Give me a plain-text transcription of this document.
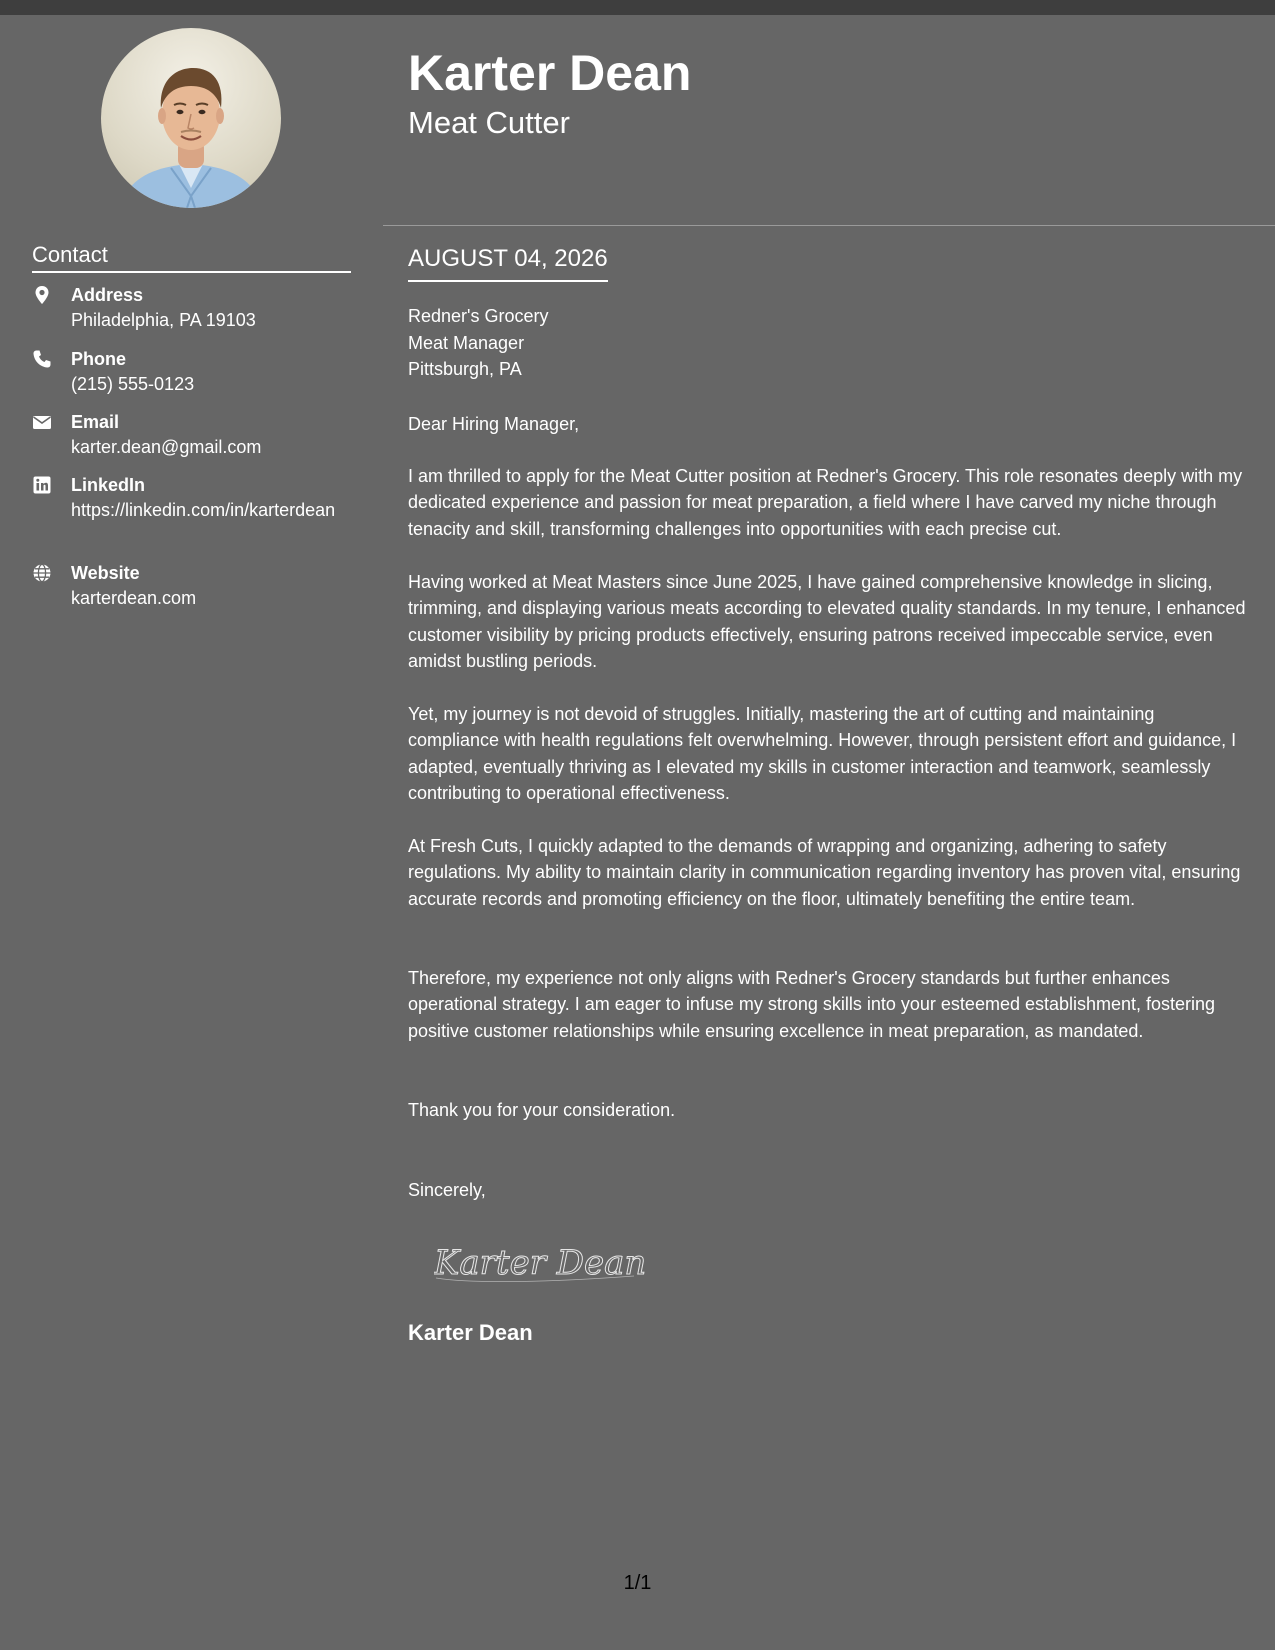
Contact
Address
Philadelphia, PA 19103
Phone
(215) 555-0123
Email
karter.dean@gmail.com
LinkedIn
https://linkedin.com/in/karterdean
Website
karterdean.com
Karter Dean
Meat Cutter
AUGUST 04, 2026
Redner's Grocery
Meat Manager
Pittsburgh, PA
Dear Hiring Manager,
I am thrilled to apply for the Meat Cutter position at Redner's Grocery. This role resonates deeply with my dedicated experience and passion for meat preparation, a field where I have carved my niche through tenacity and skill, transforming challenges into opportunities with each precise cut.
Having worked at Meat Masters since June 2025, I have gained comprehensive knowledge in slicing, trimming, and displaying various meats according to elevated quality standards. In my tenure, I enhanced customer visibility by pricing products effectively, ensuring patrons received impeccable service, even amidst bustling periods.
Yet, my journey is not devoid of struggles. Initially, mastering the art of cutting and maintaining compliance with health regulations felt overwhelming. However, through persistent effort and guidance, I adapted, eventually thriving as I elevated my skills in customer interaction and teamwork, seamlessly contributing to operational effectiveness.
At Fresh Cuts, I quickly adapted to the demands of wrapping and organizing, adhering to safety regulations. My ability to maintain clarity in communication regarding inventory has proven vital, ensuring accurate records and promoting efficiency on the floor, ultimately benefiting the entire team.
Therefore, my experience not only aligns with Redner's Grocery standards but further enhances operational strategy. I am eager to infuse my strong skills into your esteemed establishment, fostering positive customer relationships while ensuring excellence in meat preparation, as mandated.
Thank you for your consideration.
Sincerely,
Karter Dean
Karter Dean
1/1
